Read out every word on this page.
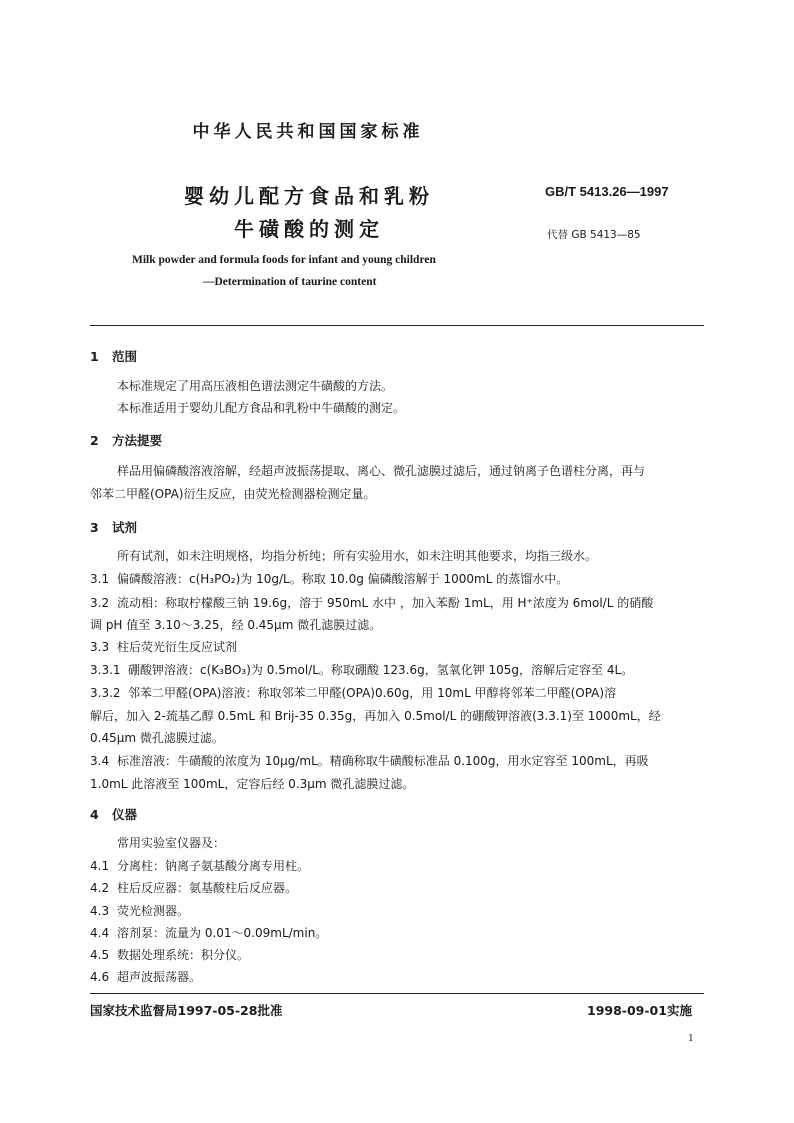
中华人民共和国国家标准
婴幼儿配方食品和乳粉
牛磺酸的测定
GB/T 5413.26—1997
代替 GB 5413—85
Milk powder and formula foods for infant and young children
—Determination of taurine content
1 范围
本标准规定了用高压液相色谱法测定牛磺酸的方法。
本标准适用于婴幼儿配方食品和乳粉中牛磺酸的测定。
2 方法提要
样品用偏磷酸溶液溶解，经超声波振荡提取、离心、微孔滤膜过滤后，通过钠离子色谱柱分离，再与
邻苯二甲醛(OPA)衍生反应，由荧光检测器检测定量。
3 试剂
所有试剂，如未注明规格，均指分析纯；所有实验用水，如未注明其他要求，均指三级水。
3.1 偏磷酸溶液：c(H₃PO₂)为 10g/L。称取 10.0g 偏磷酸溶解于 1000mL 的蒸馏水中。
3.2 流动相：称取柠檬酸三钠 19.6g，溶于 950mL 水中 ，加入苯酚 1mL，用 H⁺浓度为 6mol/L 的硝酸
调 pH 值至 3.10～3.25，经 0.45μm 微孔滤膜过滤。
3.3 柱后荧光衍生反应试剂
3.3.1 硼酸钾溶液：c(K₃BO₃)为 0.5mol/L。称取硼酸 123.6g，氢氧化钾 105g，溶解后定容至 4L。
3.3.2 邻苯二甲醛(OPA)溶液：称取邻苯二甲醛(OPA)0.60g，用 10mL 甲醇将邻苯二甲醛(OPA)溶
解后，加入 2-巯基乙醇 0.5mL 和 Brij-35 0.35g，再加入 0.5mol/L 的硼酸钾溶液(3.3.1)至 1000mL，经
0.45μm 微孔滤膜过滤。
3.4 标准溶液：牛磺酸的浓度为 10μg/mL。精确称取牛磺酸标准品 0.100g，用水定容至 100mL，再吸
1.0mL 此溶液至 100mL，定容后经 0.3μm 微孔滤膜过滤。
4 仪器
常用实验室仪器及：
4.1 分离柱：钠离子氨基酸分离专用柱。
4.2 柱后反应器：氨基酸柱后反应器。
4.3 荧光检测器。
4.4 溶剂泵：流量为 0.01～0.09mL/min。
4.5 数据处理系统：积分仪。
4.6 超声波振荡器。
国家技术监督局1997-05-28批准	1998-09-01实施
1
